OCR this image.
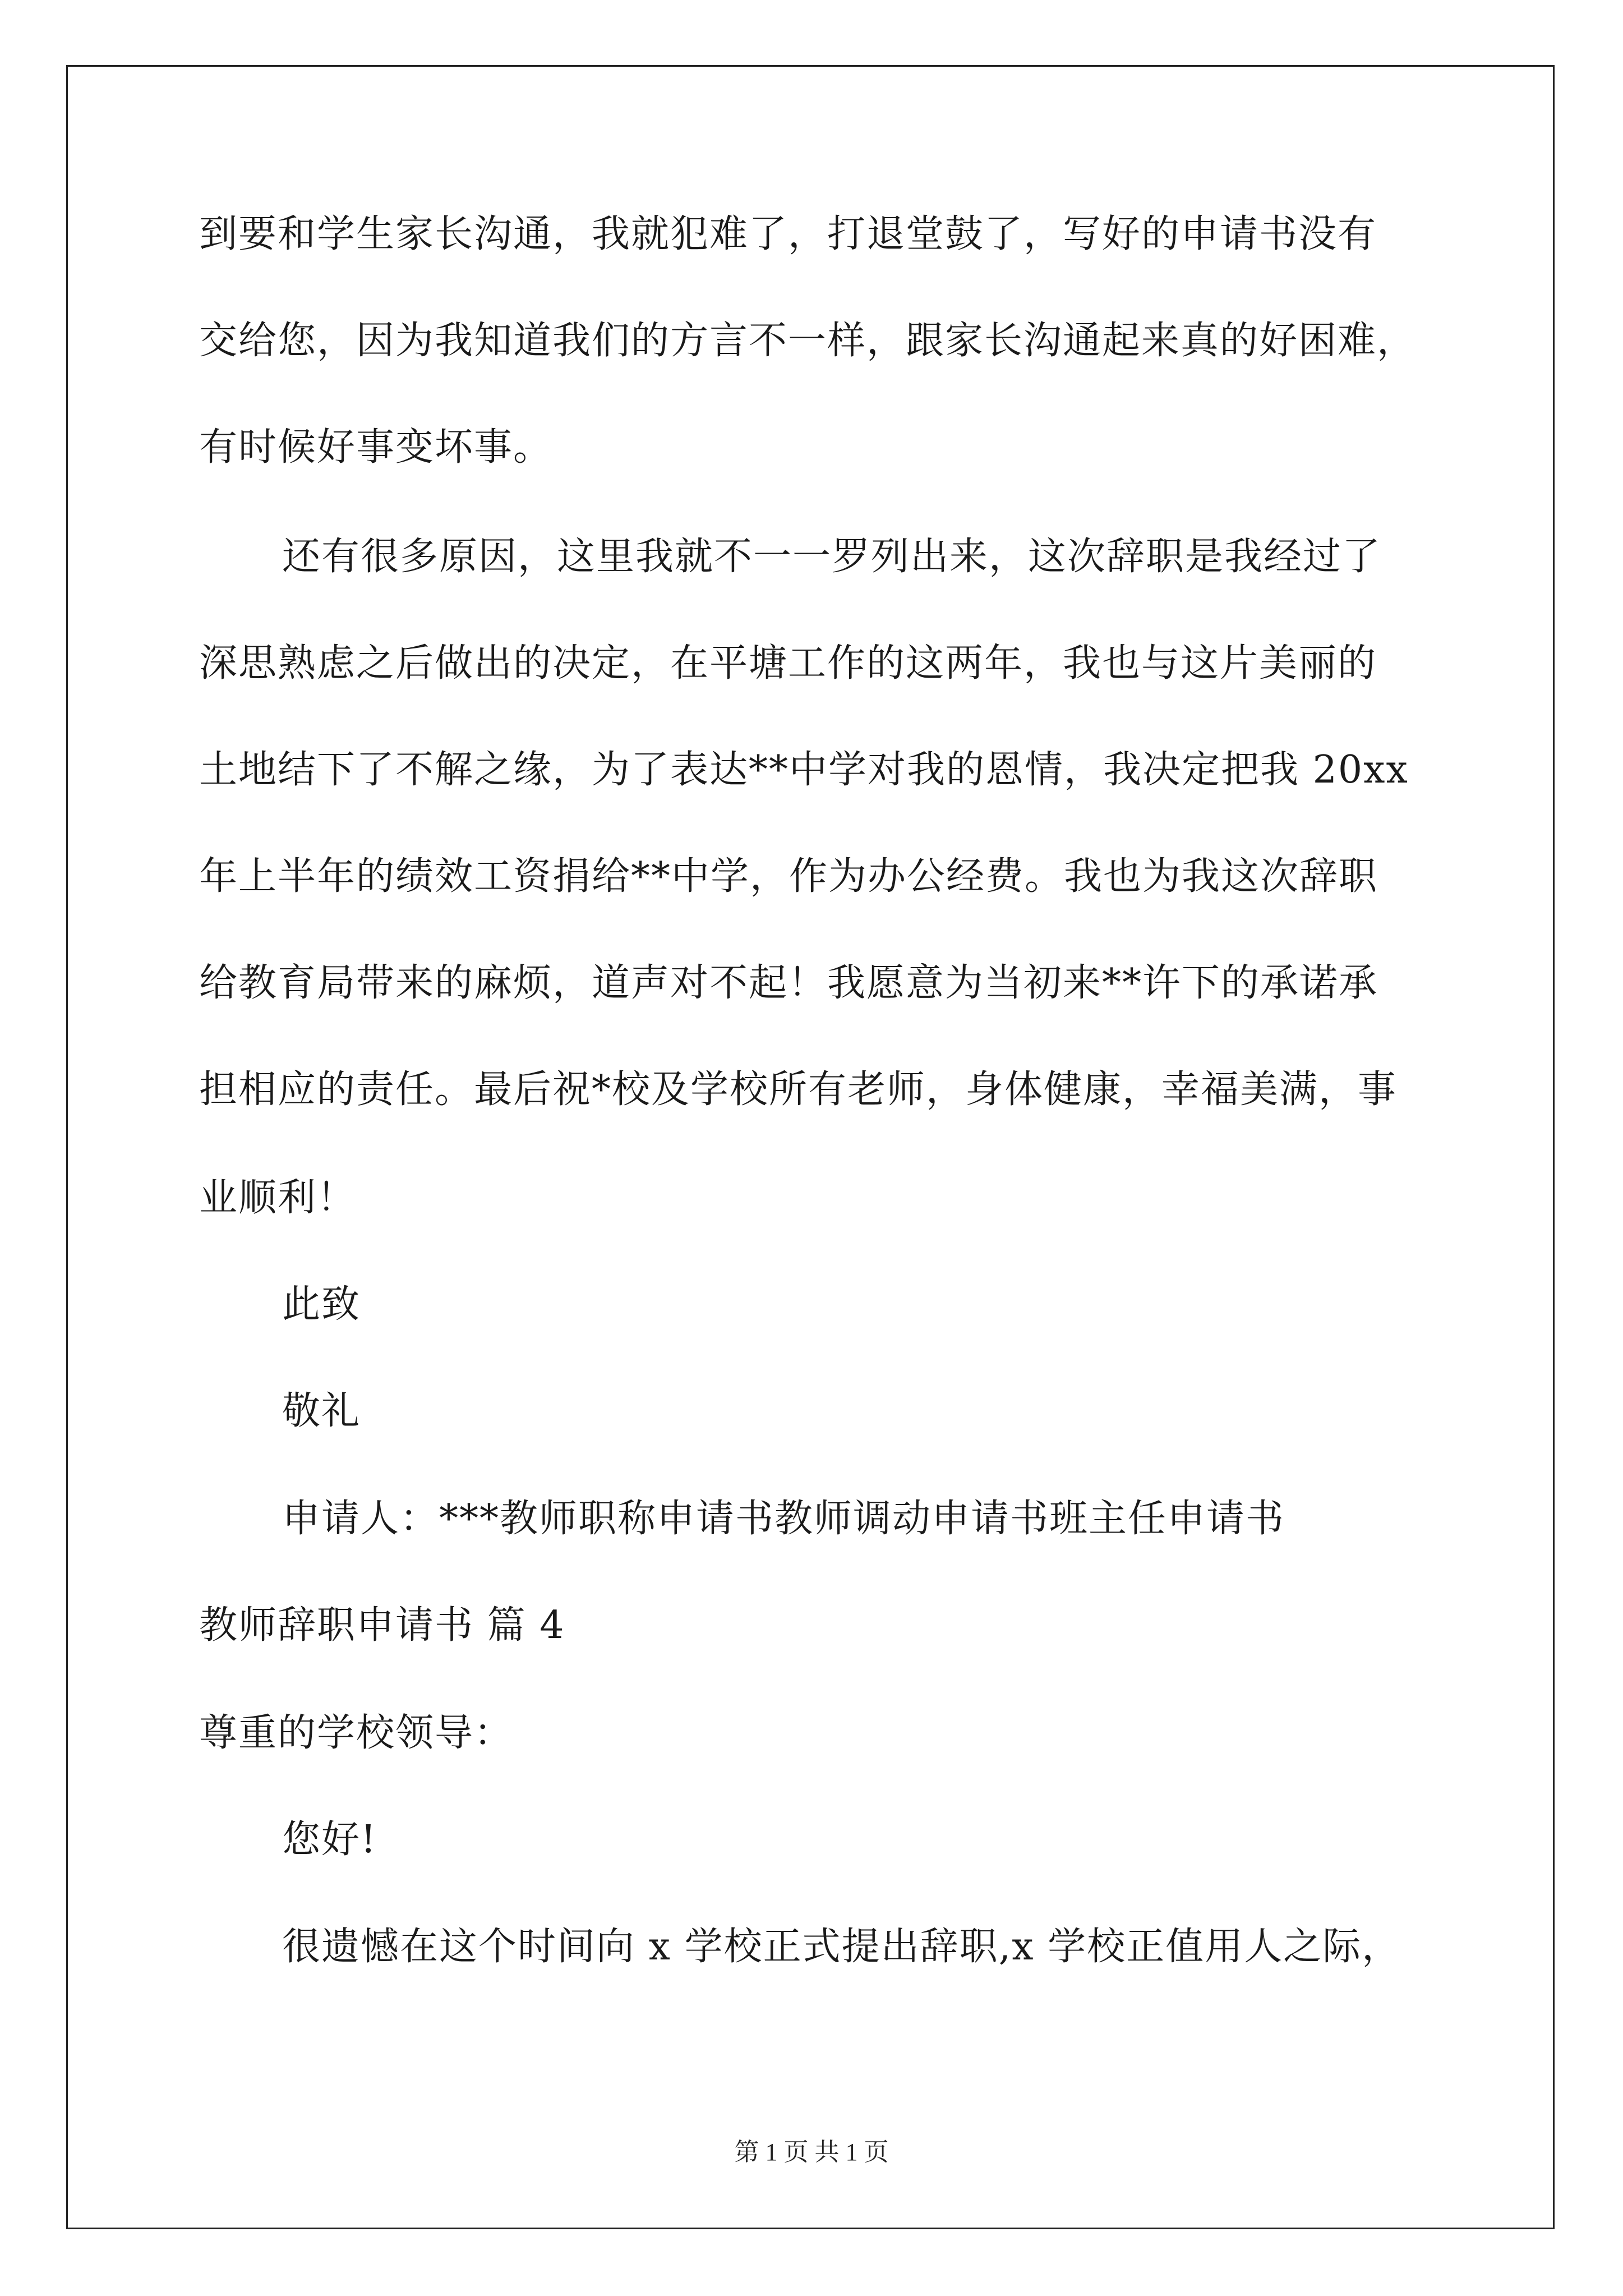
到要和学生家长沟通，我就犯难了，打退堂鼓了，写好的申请书没有
交给您，因为我知道我们的方言不一样，跟家长沟通起来真的好困难，
有时候好事变坏事。
还有很多原因，这里我就不一一罗列出来，这次辞职是我经过了
深思熟虑之后做出的决定，在平塘工作的这两年，我也与这片美丽的
土地结下了不解之缘，为了表达**中学对我的恩情，我决定把我 20xx
年上半年的绩效工资捐给**中学，作为办公经费。我也为我这次辞职
给教育局带来的麻烦，道声对不起！我愿意为当初来**许下的承诺承
担相应的责任。最后祝*校及学校所有老师，身体健康，幸福美满，事
业顺利！
此致
敬礼
申请人：***教师职称申请书教师调动申请书班主任申请书
教师辞职申请书 篇 4
尊重的学校领导：
您好!
很遗憾在这个时间向 x 学校正式提出辞职,x 学校正值用人之际，
第 1 页 共 1 页
